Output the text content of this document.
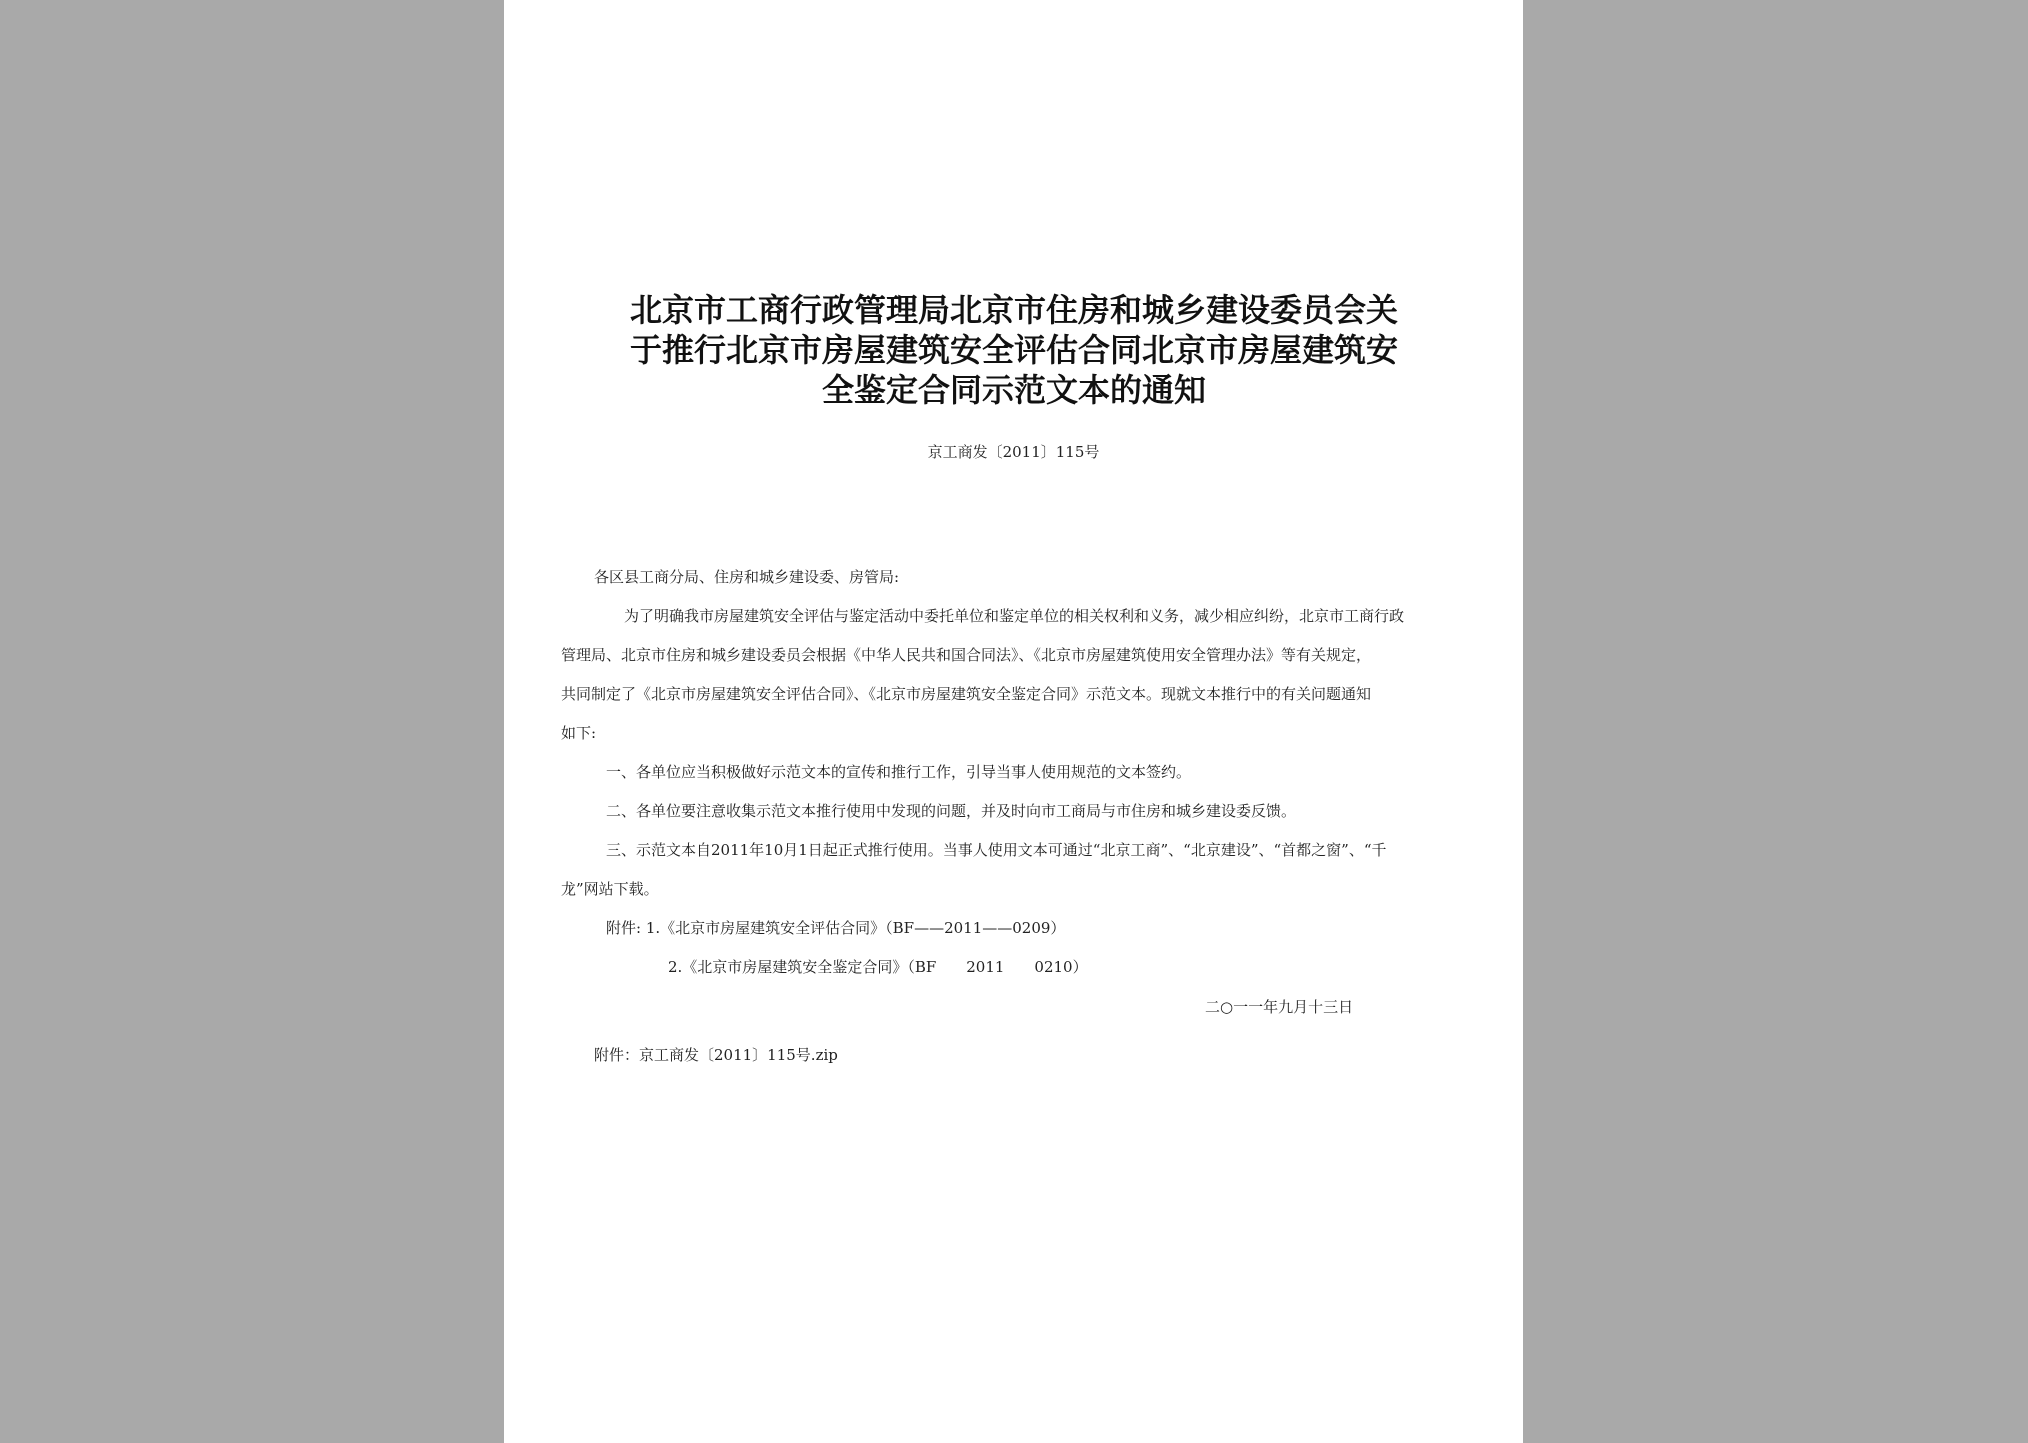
北京市工商行政管理局北京市住房和城乡建设委员会关
于推行北京市房屋建筑安全评估合同北京市房屋建筑安
全鉴定合同示范文本的通知
京工商发〔2011〕115号
各区县工商分局、住房和城乡建设委、房管局:
为了明确我市房屋建筑安全评估与鉴定活动中委托单位和鉴定单位的相关权利和义务，减少相应纠纷，北京市工商行政
管理局、北京市住房和城乡建设委员会根据《中华人民共和国合同法》、《北京市房屋建筑使用安全管理办法》等有关规定，
共同制定了《北京市房屋建筑安全评估合同》、《北京市房屋建筑安全鉴定合同》示范文本。现就文本推行中的有关问题通知
如下:
一、各单位应当积极做好示范文本的宣传和推行工作，引导当事人使用规范的文本签约。
二、各单位要注意收集示范文本推行使用中发现的问题，并及时向市工商局与市住房和城乡建设委反馈。
三、示范文本自2011年10月1日起正式推行使用。当事人使用文本可通过“北京工商”、“北京建设”、“首都之窗”、“千
龙”网站下载。
附件: 1.《北京市房屋建筑安全评估合同》（BF——2011——0209）
2.《北京市房屋建筑安全鉴定合同》（BF　　2011　　0210）
二○一一年九月十三日
附件：京工商发〔2011〕115号.zip
